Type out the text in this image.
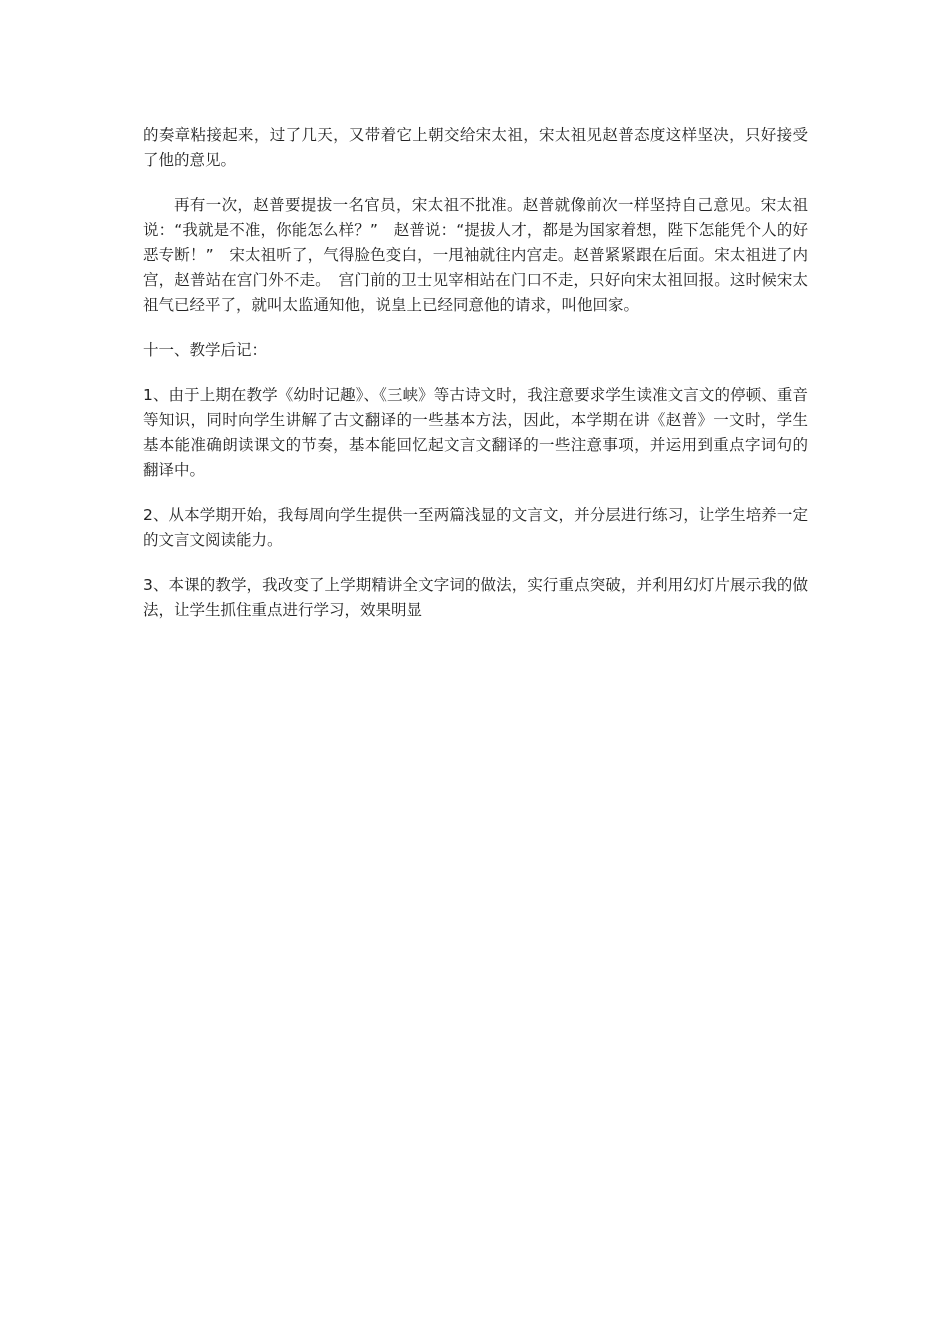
的奏章粘接起来，过了几天，又带着它上朝交给宋太祖，宋太祖见赵普态度这样坚决，只好接受了他的意见。

再有一次，赵普要提拔一名官员，宋太祖不批准。赵普就像前次一样坚持自己意见。宋太祖说：“我就是不准，你能怎么样？”　赵普说：“提拔人才，都是为国家着想，陛下怎能凭个人的好恶专断！”　宋太祖听了，气得脸色变白，一甩袖就往内宫走。赵普紧紧跟在后面。宋太祖进了内宫，赵普站在宫门外不走。　宫门前的卫士见宰相站在门口不走，只好向宋太祖回报。这时候宋太祖气已经平了，就叫太监通知他，说皇上已经同意他的请求，叫他回家。

十一、教学后记：

1、由于上期在教学《幼时记趣》、《三峡》等古诗文时，我注意要求学生读准文言文的停顿、重音等知识，同时向学生讲解了古文翻译的一些基本方法，因此，本学期在讲《赵普》一文时，学生基本能准确朗读课文的节奏，基本能回忆起文言文翻译的一些注意事项，并运用到重点字词句的翻译中。

2、从本学期开始，我每周向学生提供一至两篇浅显的文言文，并分层进行练习，让学生培养一定的文言文阅读能力。

3、本课的教学，我改变了上学期精讲全文字词的做法，实行重点突破，并利用幻灯片展示我的做法，让学生抓住重点进行学习，效果明显
